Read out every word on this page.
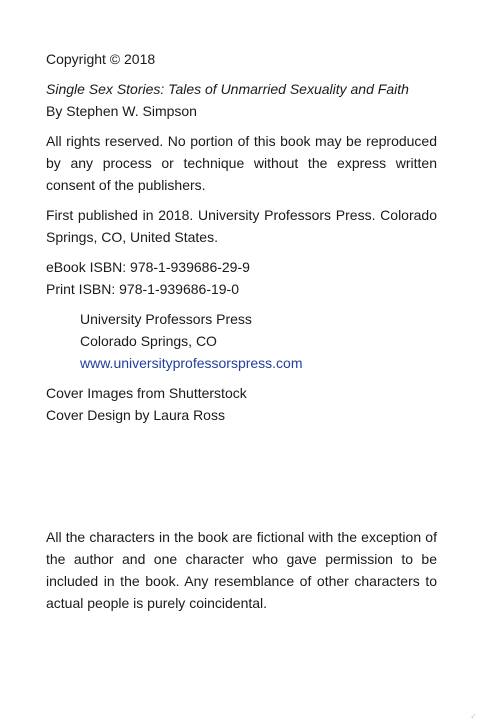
Copyright © 2018
Single Sex Stories: Tales of Unmarried Sexuality and Faith
By Stephen W. Simpson
All rights reserved. No portion of this book may be reproduced by any process or technique without the express written consent of the publishers.
First published in 2018. University Professors Press. Colorado Springs, CO, United States.
eBook ISBN: 978-1-939686-29-9
Print ISBN: 978-1-939686-19-0
University Professors Press
Colorado Springs, CO
www.universityprofessorspress.com
Cover Images from Shutterstock
Cover Design by Laura Ross
All the characters in the book are fictional with the exception of the author and one character who gave permission to be included in the book. Any resemblance of other characters to actual people is purely coincidental.
✓
